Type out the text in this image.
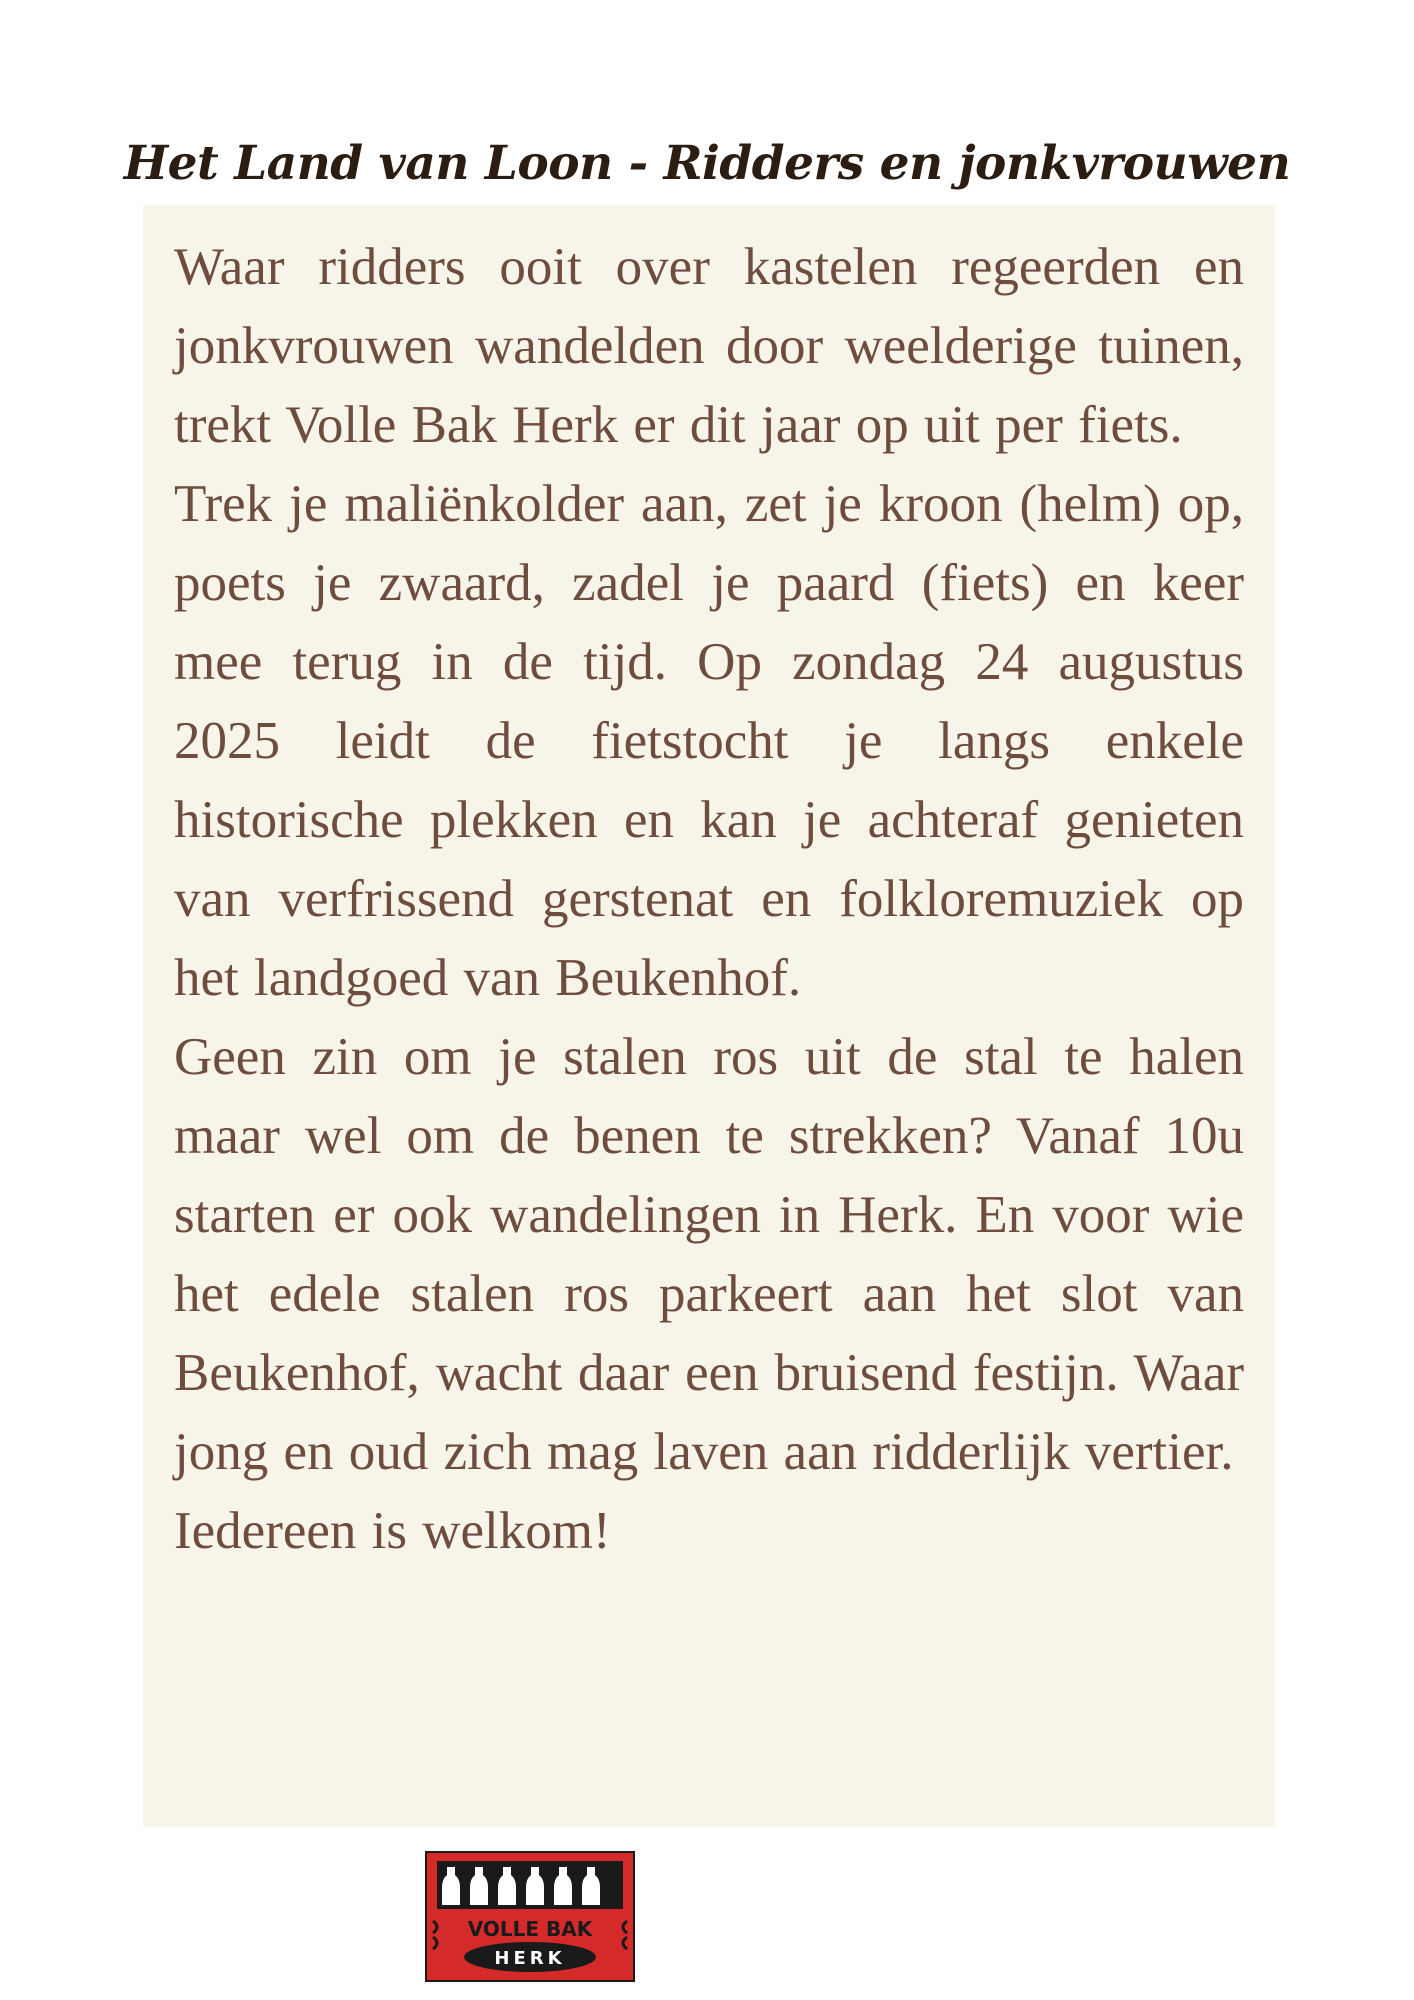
Het Land van Loon - Ridders en jonkvrouwen

Waar ridders ooit over kastelen regeerden en jonkvrouwen wandelden door weelderige tuinen, trekt Volle Bak Herk er dit jaar op uit per fiets.

Trek je maliënkolder aan, zet je kroon (helm) op, poets je zwaard, zadel je paard (fiets) en keer mee terug in de tijd. Op zondag 24 augustus 2025 leidt de fietstocht je langs enkele historische plekken en kan je achteraf genieten van verfrissend gerstenat en folkloremuziek op het landgoed van Beukenhof.

Geen zin om je stalen ros uit de stal te halen maar wel om de benen te strekken? Vanaf 10u starten er ook wandelingen in Herk. En voor wie het edele stalen ros parkeert aan het slot van Beukenhof, wacht daar een bruisend festijn. Waar jong en oud zich mag laven aan ridderlijk vertier.

Iedereen is welkom!

VOLLE BAK
HERK
